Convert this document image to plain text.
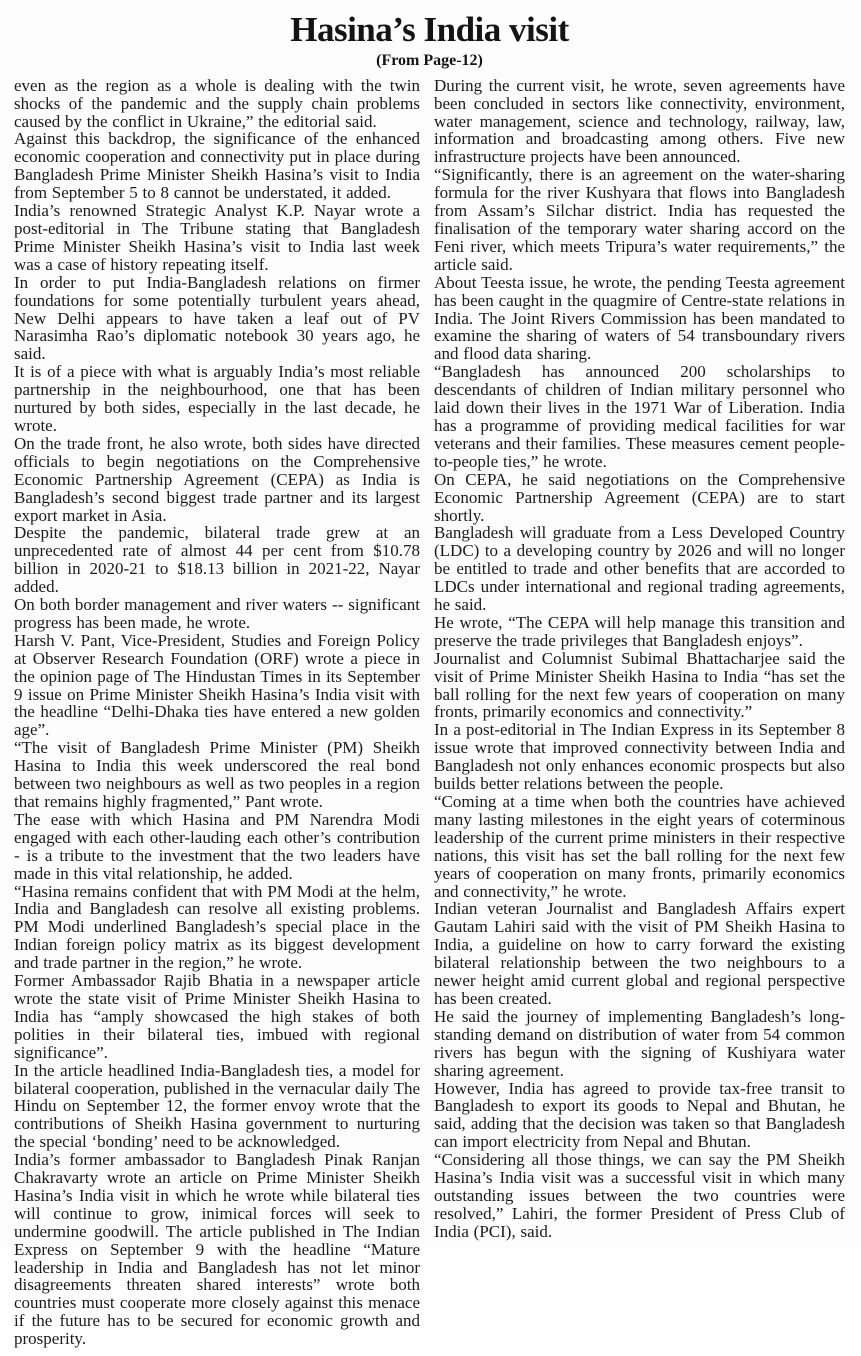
Hasina’s India visit
(From Page-12)

even as the region as a whole is dealing with the twin shocks of the pandemic and the supply chain problems caused by the conflict in Ukraine,” the editorial said.

Against this backdrop, the significance of the enhanced economic cooperation and connectivity put in place during Bangladesh Prime Minister Sheikh Hasina’s visit to India from September 5 to 8 cannot be understated, it added.

India’s renowned Strategic Analyst K.P. Nayar wrote a post-editorial in The Tribune stating that Bangladesh Prime Minister Sheikh Hasina’s visit to India last week was a case of history repeating itself.

In order to put India-Bangladesh relations on firmer foundations for some potentially turbulent years ahead, New Delhi appears to have taken a leaf out of PV Narasimha Rao’s diplomatic notebook 30 years ago, he said.

It is of a piece with what is arguably India’s most reliable partnership in the neighbourhood, one that has been nurtured by both sides, especially in the last decade, he wrote.

On the trade front, he also wrote, both sides have directed officials to begin negotiations on the Comprehensive Economic Partnership Agreement (CEPA) as India is Bangladesh’s second biggest trade partner and its largest export market in Asia.

Despite the pandemic, bilateral trade grew at an unprecedented rate of almost 44 per cent from $10.78 billion in 2020-21 to $18.13 billion in 2021-22, Nayar added.

On both border management and river waters -- significant progress has been made, he wrote.

Harsh V. Pant, Vice-President, Studies and Foreign Policy at Observer Research Foundation (ORF) wrote a piece in the opinion page of The Hindustan Times in its September 9 issue on Prime Minister Sheikh Hasina’s India visit with the headline “Delhi-Dhaka ties have entered a new golden age”.

“The visit of Bangladesh Prime Minister (PM) Sheikh Hasina to India this week underscored the real bond between two neighbours as well as two peoples in a region that remains highly fragmented,” Pant wrote.

The ease with which Hasina and PM Narendra Modi engaged with each other-lauding each other’s contribution - is a tribute to the investment that the two leaders have made in this vital relationship, he added.

“Hasina remains confident that with PM Modi at the helm, India and Bangladesh can resolve all existing problems. PM Modi underlined Bangladesh’s special place in the Indian foreign policy matrix as its biggest development and trade partner in the region,” he wrote.

Former Ambassador Rajib Bhatia in a newspaper article wrote the state visit of Prime Minister Sheikh Hasina to India has “amply showcased the high stakes of both polities in their bilateral ties, imbued with regional significance”.

In the article headlined India-Bangladesh ties, a model for bilateral cooperation, published in the vernacular daily The Hindu on September 12, the former envoy wrote that the contributions of Sheikh Hasina government to nurturing the special ‘bonding’ need to be acknowledged.

India’s former ambassador to Bangladesh Pinak Ranjan Chakravarty wrote an article on Prime Minister Sheikh Hasina’s India visit in which he wrote while bilateral ties will continue to grow, inimical forces will seek to undermine goodwill. The article published in The Indian Express on September 9 with the headline “Mature leadership in India and Bangladesh has not let minor disagreements threaten shared interests” wrote both countries must cooperate more closely against this menace if the future has to be secured for economic growth and prosperity.

During the current visit, he wrote, seven agreements have been concluded in sectors like connectivity, environment, water management, science and technology, railway, law, information and broadcasting among others. Five new infrastructure projects have been announced.

“Significantly, there is an agreement on the water-sharing formula for the river Kushyara that flows into Bangladesh from Assam’s Silchar district. India has requested the finalisation of the temporary water sharing accord on the Feni river, which meets Tripura’s water requirements,” the article said.

About Teesta issue, he wrote, the pending Teesta agreement has been caught in the quagmire of Centre-state relations in India. The Joint Rivers Commission has been mandated to examine the sharing of waters of 54 transboundary rivers and flood data sharing.

“Bangladesh has announced 200 scholarships to descendants of children of Indian military personnel who laid down their lives in the 1971 War of Liberation. India has a programme of providing medical facilities for war veterans and their families. These measures cement people-to-people ties,” he wrote.

On CEPA, he said negotiations on the Comprehensive Economic Partnership Agreement (CEPA) are to start shortly.

Bangladesh will graduate from a Less Developed Country (LDC) to a developing country by 2026 and will no longer be entitled to trade and other benefits that are accorded to LDCs under international and regional trading agreements, he said.

He wrote, “The CEPA will help manage this transition and preserve the trade privileges that Bangladesh enjoys”.

Journalist and Columnist Subimal Bhattacharjee said the visit of Prime Minister Sheikh Hasina to India “has set the ball rolling for the next few years of cooperation on many fronts, primarily economics and connectivity.”

In a post-editorial in The Indian Express in its September 8 issue wrote that improved connectivity between India and Bangladesh not only enhances economic prospects but also builds better relations between the people.

“Coming at a time when both the countries have achieved many lasting milestones in the eight years of coterminous leadership of the current prime ministers in their respective nations, this visit has set the ball rolling for the next few years of cooperation on many fronts, primarily economics and connectivity,” he wrote.

Indian veteran Journalist and Bangladesh Affairs expert Gautam Lahiri said with the visit of PM Sheikh Hasina to India, a guideline on how to carry forward the existing bilateral relationship between the two neighbours to a newer height amid current global and regional perspective has been created.

He said the journey of implementing Bangladesh’s long-standing demand on distribution of water from 54 common rivers has begun with the signing of Kushiyara water sharing agreement.

However, India has agreed to provide tax-free transit to Bangladesh to export its goods to Nepal and Bhutan, he said, adding that the decision was taken so that Bangladesh can import electricity from Nepal and Bhutan.

“Considering all those things, we can say the PM Sheikh Hasina’s India visit was a successful visit in which many outstanding issues between the two countries were resolved,” Lahiri, the former President of Press Club of India (PCI), said.
